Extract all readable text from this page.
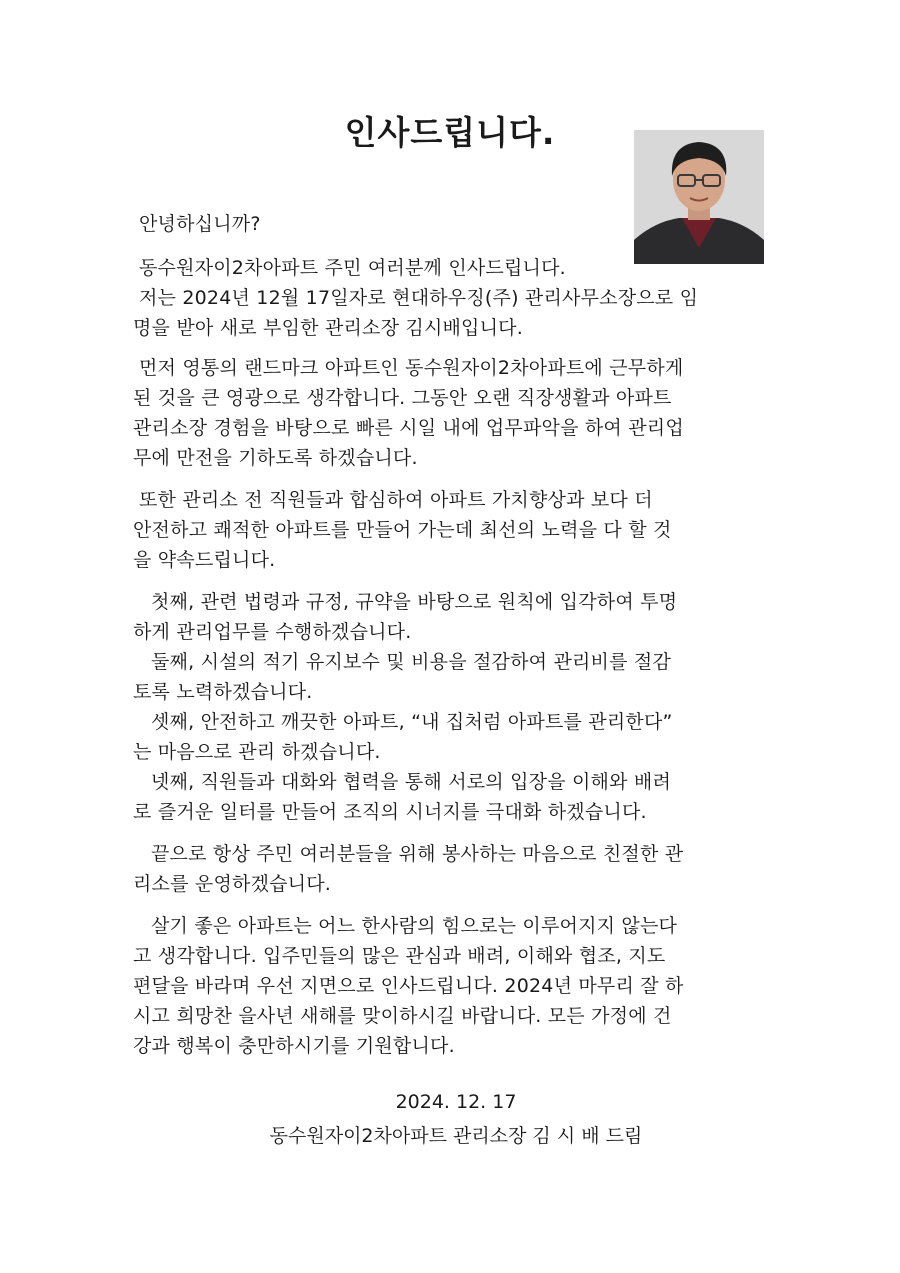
인사드립니다.
안녕하십니까?
동수원자이2차아파트 주민 여러분께 인사드립니다.
저는 2024년 12월 17일자로 현대하우징(주) 관리사무소장으로 임
명을 받아 새로 부임한 관리소장 김시배입니다.
먼저 영통의 랜드마크 아파트인 동수원자이2차아파트에 근무하게
된 것을 큰 영광으로 생각합니다. 그동안 오랜 직장생활과 아파트
관리소장 경험을 바탕으로 빠른 시일 내에 업무파악을 하여 관리업
무에 만전을 기하도록 하겠습니다.
또한 관리소 전 직원들과 합심하여 아파트 가치향상과 보다 더
안전하고 쾌적한 아파트를 만들어 가는데 최선의 노력을 다 할 것
을 약속드립니다.
첫째, 관련 법령과 규정, 규약을 바탕으로 원칙에 입각하여 투명
하게 관리업무를 수행하겠습니다.
둘째, 시설의 적기 유지보수 및 비용을 절감하여 관리비를 절감
토록 노력하겠습니다.
셋째, 안전하고 깨끗한 아파트, “내 집처럼 아파트를 관리한다”
는 마음으로 관리 하겠습니다.
넷째, 직원들과 대화와 협력을 통해 서로의 입장을 이해와 배려
로 즐거운 일터를 만들어 조직의 시너지를 극대화 하겠습니다.
끝으로 항상 주민 여러분들을 위해 봉사하는 마음으로 친절한 관
리소를 운영하겠습니다.
살기 좋은 아파트는 어느 한사람의 힘으로는 이루어지지 않는다
고 생각합니다. 입주민들의 많은 관심과 배려, 이해와 협조, 지도
편달을 바라며 우선 지면으로 인사드립니다. 2024년 마무리 잘 하
시고 희망찬 을사년 새해를 맞이하시길 바랍니다. 모든 가정에 건
강과 행복이 충만하시기를 기원합니다.
2024. 12. 17
동수원자이2차아파트 관리소장 김 시 배 드림
